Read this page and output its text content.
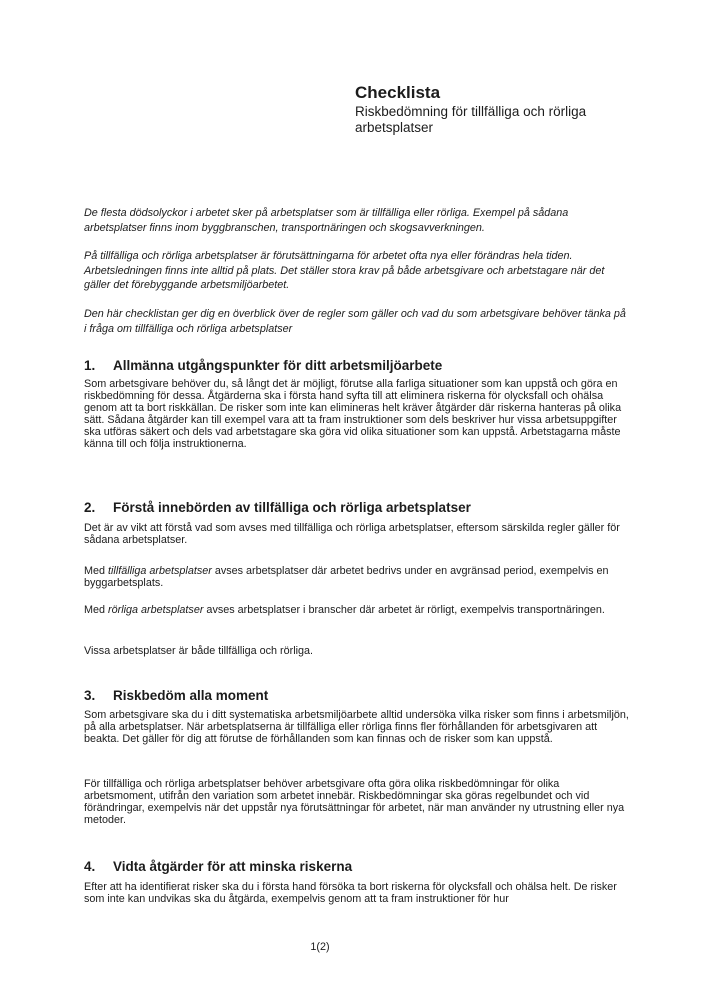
Checklista

Riskbedömning för tillfälliga och rörliga arbetsplatser

De flesta dödsolyckor i arbetet sker på arbetsplatser som är tillfälliga eller rörliga. Exempel på sådana arbetsplatser finns inom byggbranschen, transportnäringen och skogsavverkningen.

På tillfälliga och rörliga arbetsplatser är förutsättningarna för arbetet ofta nya eller förändras hela tiden. Arbetsledningen finns inte alltid på plats. Det ställer stora krav på både arbetsgivare och arbetstagare när det gäller det förebyggande arbetsmiljöarbetet.

Den här checklistan ger dig en överblick över de regler som gäller och vad du som arbetsgivare behöver tänka på i fråga om tillfälliga och rörliga arbetsplatser

1. Allmänna utgångspunkter för ditt arbetsmiljöarbete

Som arbetsgivare behöver du, så långt det är möjligt, förutse alla farliga situationer som kan uppstå och göra en riskbedömning för dessa. Åtgärderna ska i första hand syfta till att eliminera riskerna för olycksfall och ohälsa genom att ta bort riskkällan. De risker som inte kan elimineras helt kräver åtgärder där riskerna hanteras på olika sätt. Sådana åtgärder kan till exempel vara att ta fram instruktioner som dels beskriver hur vissa arbetsuppgifter ska utföras säkert och dels vad arbetstagare ska göra vid olika situationer som kan uppstå. Arbetstagarna måste känna till och följa instruktionerna.

2. Förstå innebörden av tillfälliga och rörliga arbetsplatser

Det är av vikt att förstå vad som avses med tillfälliga och rörliga arbetsplatser, eftersom särskilda regler gäller för sådana arbetsplatser.

Med tillfälliga arbetsplatser avses arbetsplatser där arbetet bedrivs under en avgränsad period, exempelvis en byggarbetsplats.

Med rörliga arbetsplatser avses arbetsplatser i branscher där arbetet är rörligt, exempelvis transportnäringen.

Vissa arbetsplatser är både tillfälliga och rörliga.

3. Riskbedöm alla moment

Som arbetsgivare ska du i ditt systematiska arbetsmiljöarbete alltid undersöka vilka risker som finns i arbetsmiljön, på alla arbetsplatser. När arbetsplatserna är tillfälliga eller rörliga finns fler förhållanden för arbetsgivaren att beakta. Det gäller för dig att förutse de förhållanden som kan finnas och de risker som kan uppstå.

För tillfälliga och rörliga arbetsplatser behöver arbetsgivare ofta göra olika riskbedömningar för olika arbetsmoment, utifrån den variation som arbetet innebär. Riskbedömningar ska göras regelbundet och vid förändringar, exempelvis när det uppstår nya förutsättningar för arbetet, när man använder ny utrustning eller nya metoder.

4. Vidta åtgärder för att minska riskerna

Efter att ha identifierat risker ska du i första hand försöka ta bort riskerna för olycksfall och ohälsa helt. De risker som inte kan undvikas ska du åtgärda, exempelvis genom att ta fram instruktioner för hur

1(2)
